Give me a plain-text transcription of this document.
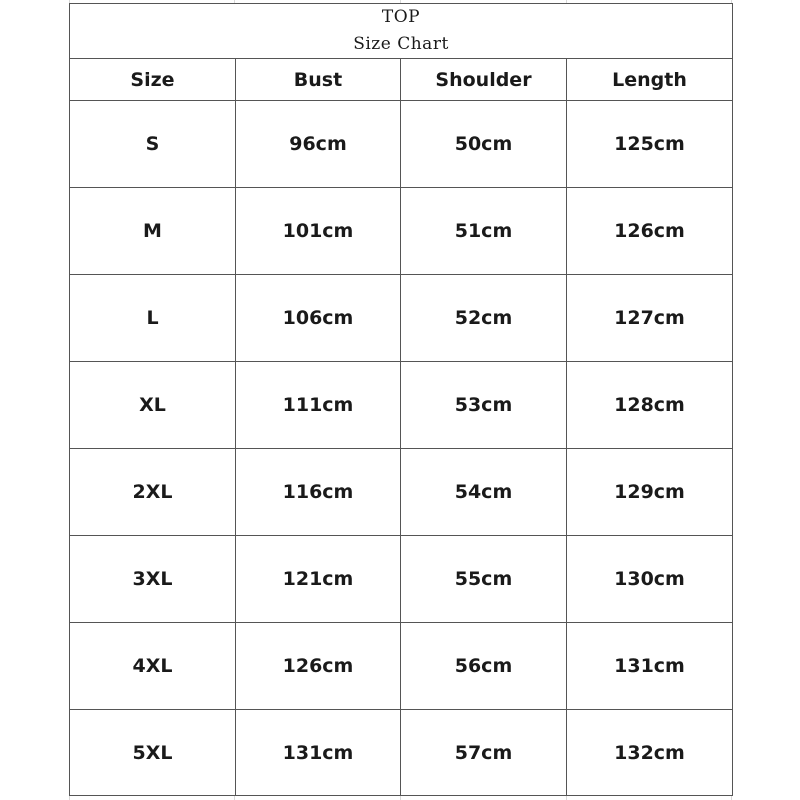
TOP
Size Chart			

Size	Bust	Shoulder	Length
S	96cm	50cm	125cm
M	101cm	51cm	126cm
L	106cm	52cm	127cm
XL	111cm	53cm	128cm
2XL	116cm	54cm	129cm
3XL	121cm	55cm	130cm
4XL	126cm	56cm	131cm
5XL	131cm	57cm	132cm
